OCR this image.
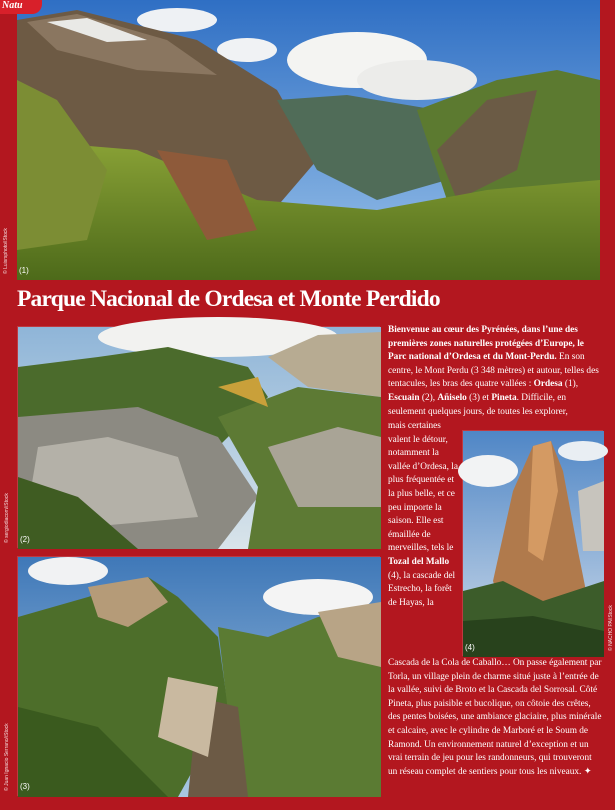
(1)
© Luisrsphoto/iStock
Natu
Parque Nacional de Ordesa et Monte Perdido
(2)
© sergiodiacom/iStock
(3)
© Juan Ignacio Serrano/iStock
(4)	© NACHO PA/iStock
Bienvenue au cœur des Pyrénées, dans l’une des premières zones naturelles protégées d’Europe, le Parc national d’Ordesa et du Mont-Perdu. En son centre, le Mont Perdu (3 348 mètres) et autour, telles des tentacules, les bras des quatre vallées : Ordesa (1), Escuain (2), Añiselo (3) et Pineta. Difficile, en seulement quelques jours, de toutes les explorer,
mais certaines valent le détour, notamment la vallée d’Ordesa, la plus fréquentée et la plus belle, et ce peu importe la saison. Elle est émaillée de merveilles, tels le Tozal del Mallo (4), la cascade del Estrecho, la forêt de Hayas, la
Cascada de la Cola de Caballo… On passe également par Torla, un village plein de charme situé juste à l’entrée de la vallée, suivi de Broto et la Cascada del Sorrosal. Côté Pineta, plus paisible et bucolique, on côtoie des crêtes, des pentes boisées, une ambiance glaciaire, plus minérale et calcaire, avec le cylindre de Marboré et le Soum de Ramond. Un environnement naturel d’exception et un vrai terrain de jeu pour les randonneurs, qui trouveront un réseau complet de sentiers pour tous les niveaux. ✦
